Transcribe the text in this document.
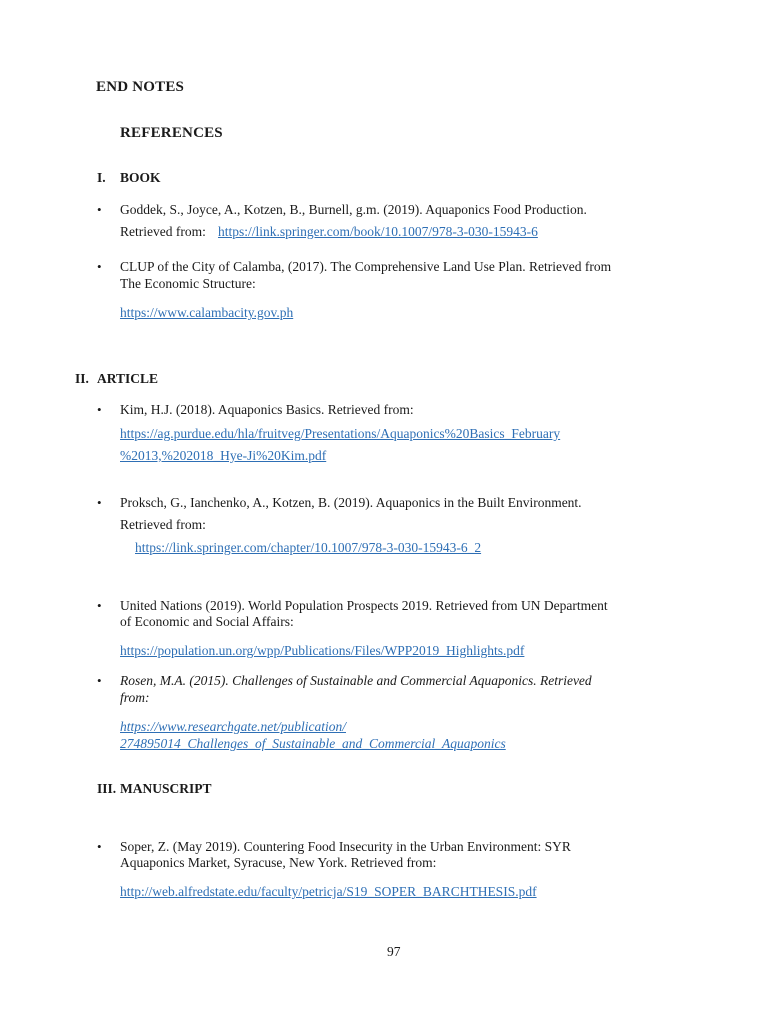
END NOTES
REFERENCES
I. BOOK
• Goddek, S., Joyce, A., Kotzen, B., Burnell, g.m. (2019). Aquaponics Food Production.
Retrieved from: https://link.springer.com/book/10.1007/978-3-030-15943-6
• CLUP of the City of Calamba, (2017). The Comprehensive Land Use Plan. Retrieved from
The Economic Structure:
https://www.calambacity.gov.ph
II. ARTICLE
• Kim, H.J. (2018). Aquaponics Basics. Retrieved from:
https://ag.purdue.edu/hla/fruitveg/Presentations/Aquaponics%20Basics_February
%2013,%202018_Hye-Ji%20Kim.pdf
• Proksch, G., Ianchenko, A., Kotzen, B. (2019). Aquaponics in the Built Environment.
Retrieved from:
https://link.springer.com/chapter/10.1007/978-3-030-15943-6_2
• United Nations (2019). World Population Prospects 2019. Retrieved from UN Department
of Economic and Social Affairs:
https://population.un.org/wpp/Publications/Files/WPP2019_Highlights.pdf
• Rosen, M.A. (2015). Challenges of Sustainable and Commercial Aquaponics. Retrieved
from:
https://www.researchgate.net/publication/
274895014_Challenges_of_Sustainable_and_Commercial_Aquaponics
III. MANUSCRIPT
• Soper, Z. (May 2019). Countering Food Insecurity in the Urban Environment: SYR
Aquaponics Market, Syracuse, New York. Retrieved from:
http://web.alfredstate.edu/faculty/petricja/S19_SOPER_BARCHTHESIS.pdf
97
